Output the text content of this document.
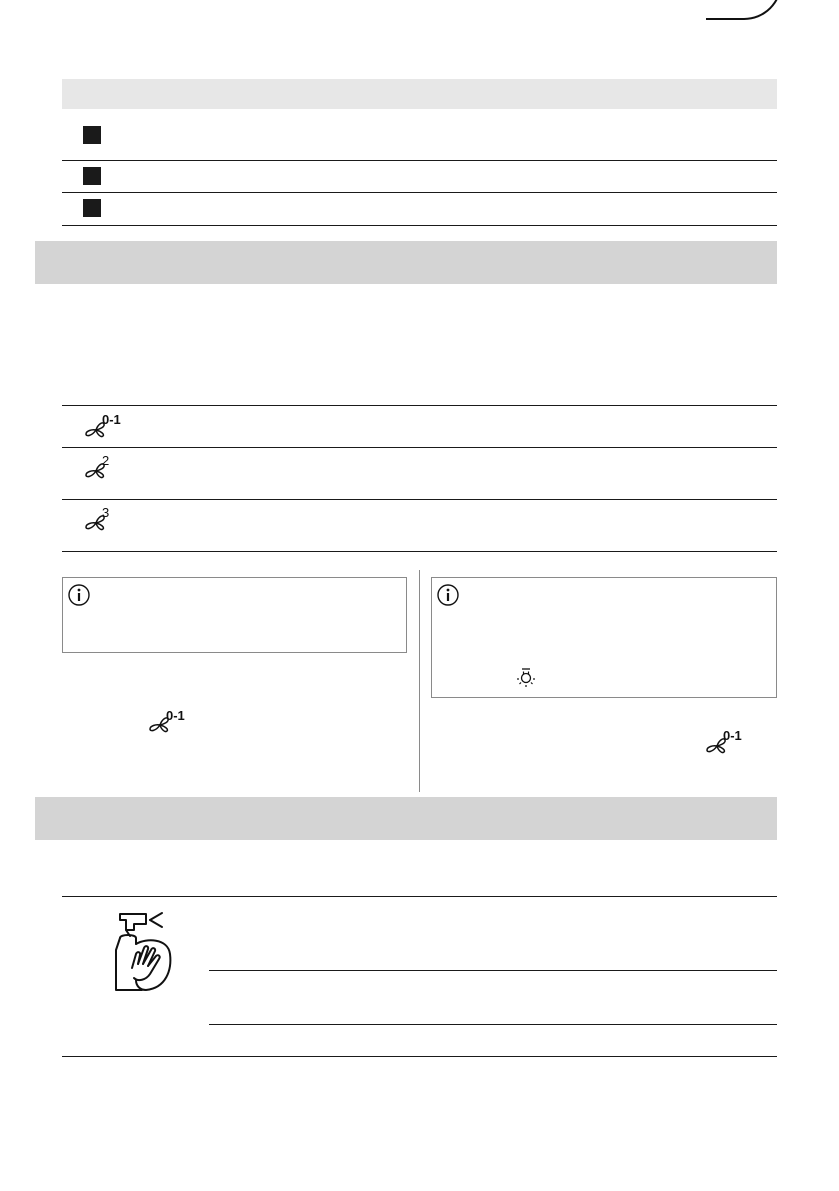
0-1
2
3
0-1
0-1
